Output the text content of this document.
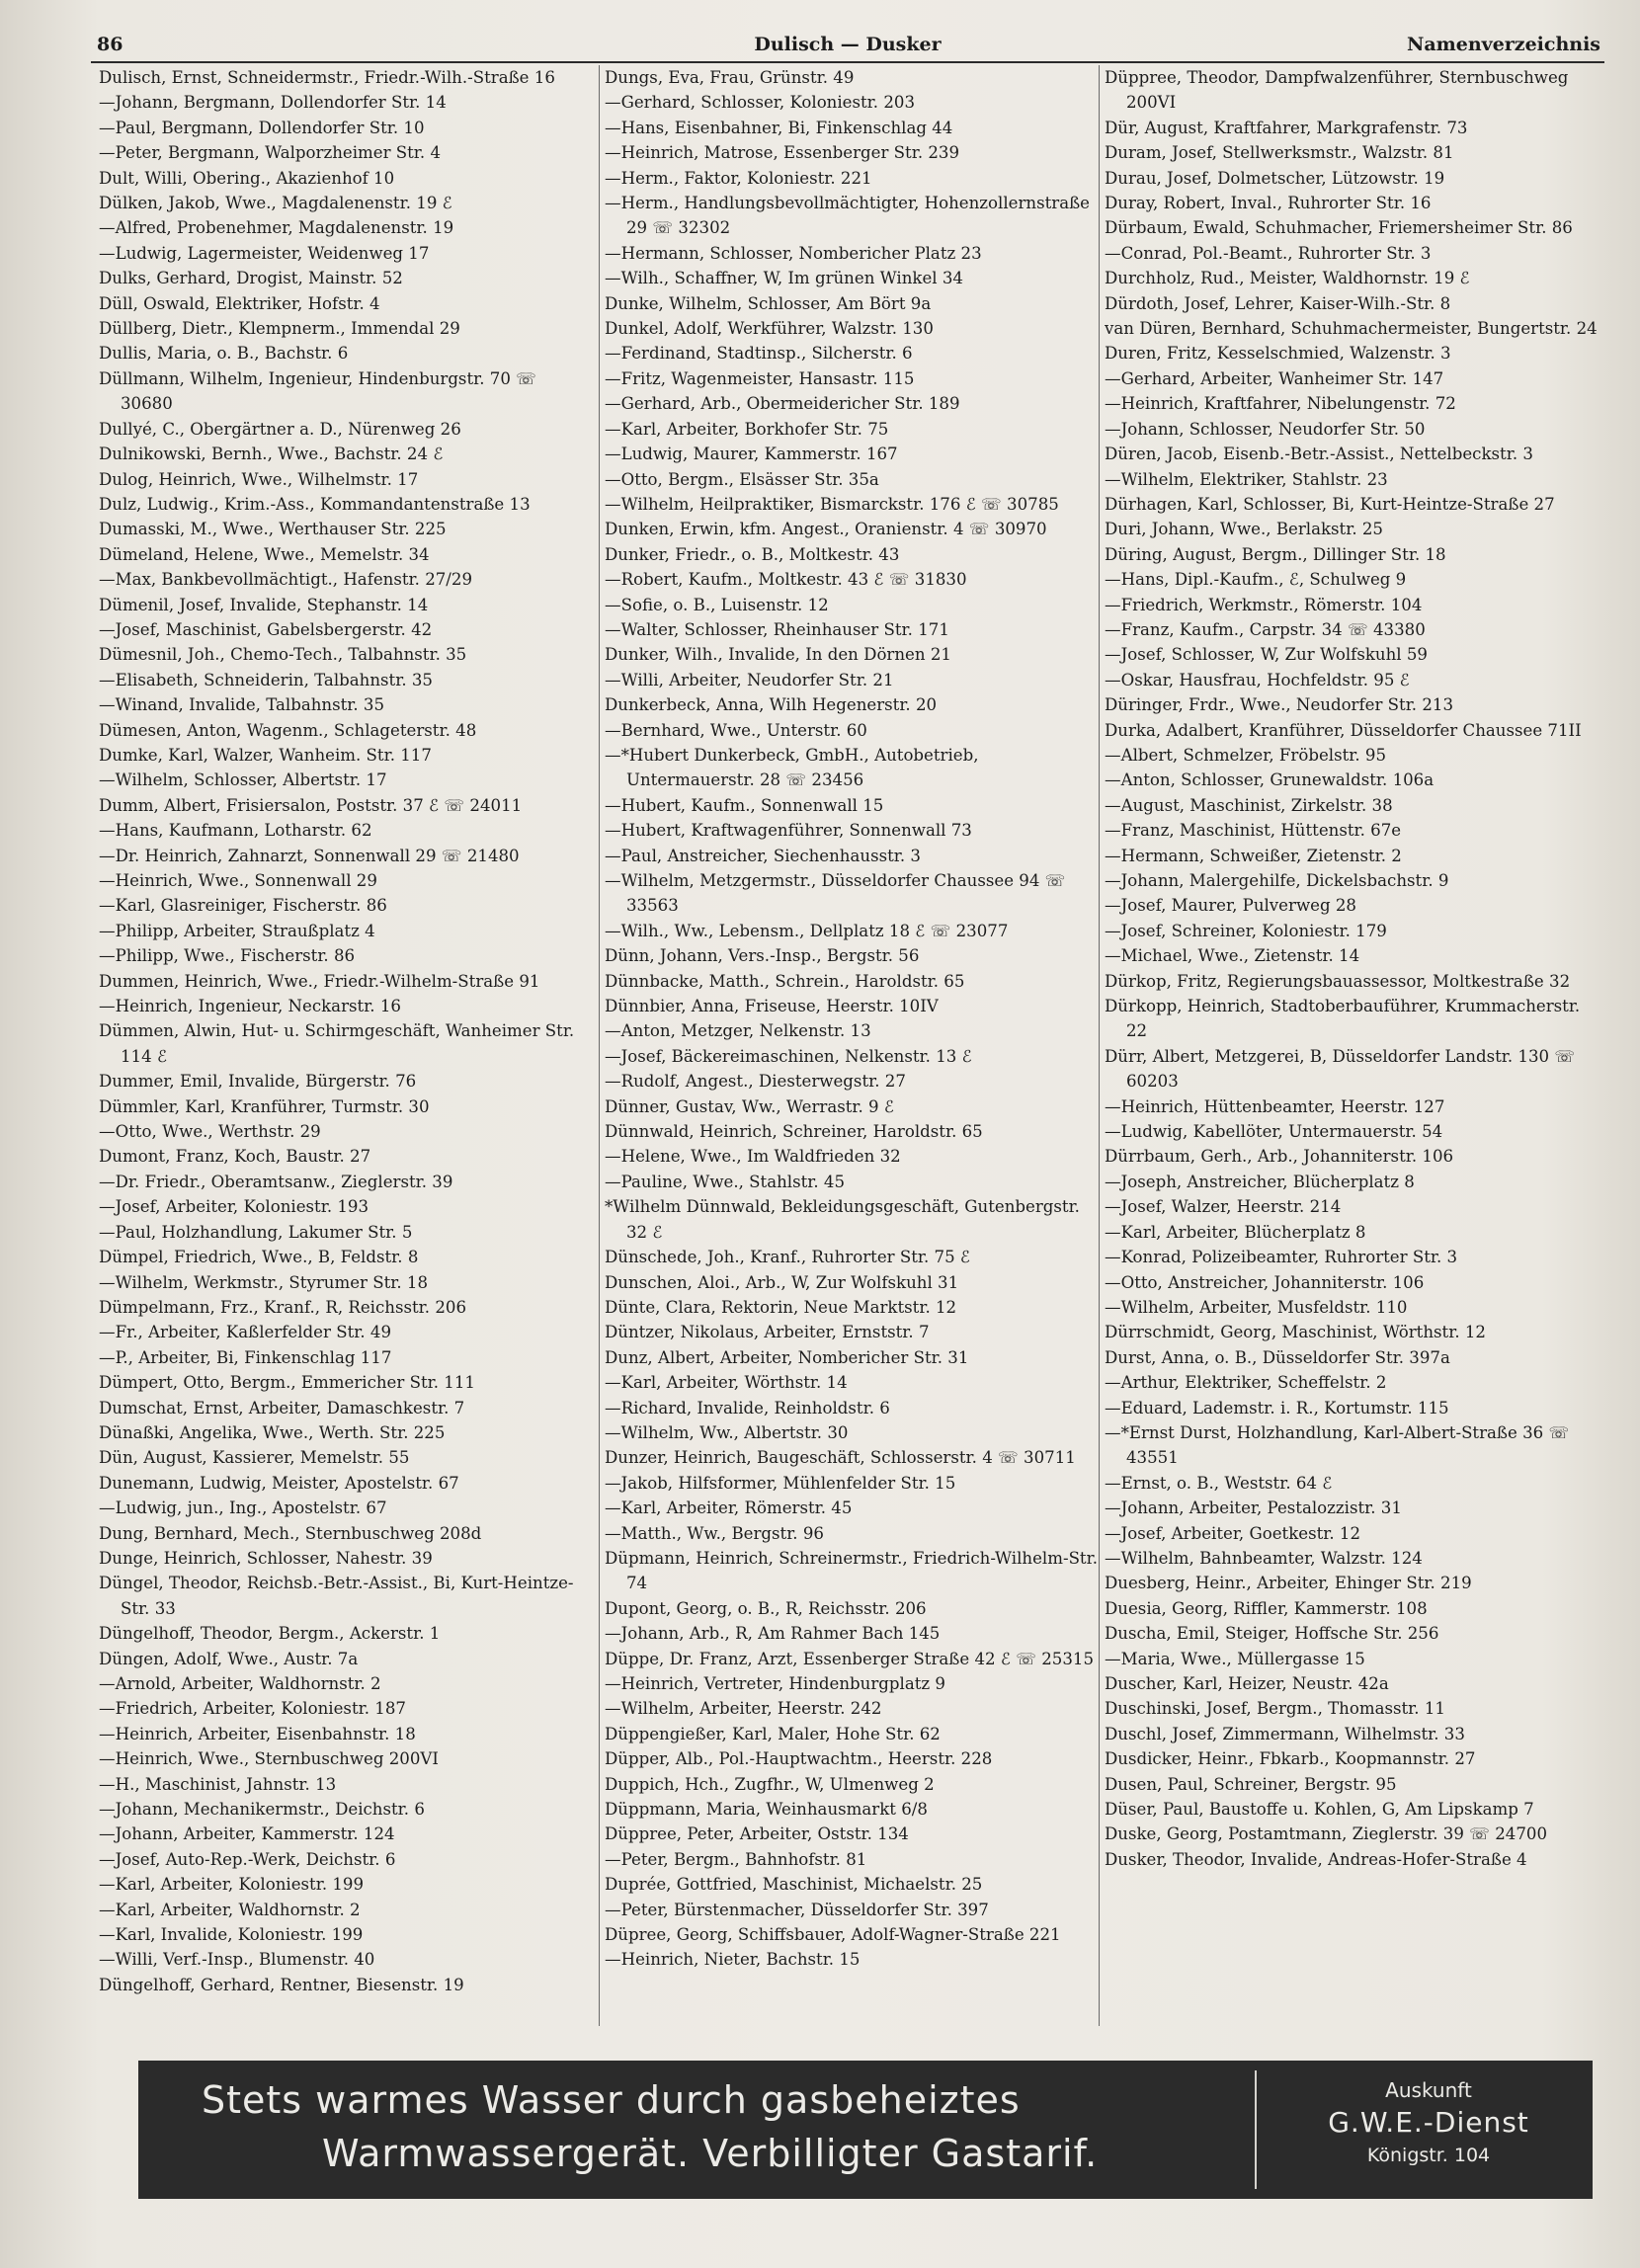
86	Dulisch — Dusker	Namenverzeichnis
Dulisch, Ernst, Schneidermstr., Friedr.-Wilh.-Straße 16
—Johann, Bergmann, Dollendorfer Str. 14
—Paul, Bergmann, Dollendorfer Str. 10
—Peter, Bergmann, Walporzheimer Str. 4
Dult, Willi, Obering., Akazienhof 10
Dülken, Jakob, Wwe., Magdalenenstr. 19 ℰ
—Alfred, Probenehmer, Magdalenenstr. 19
—Ludwig, Lagermeister, Weidenweg 17
Dulks, Gerhard, Drogist, Mainstr. 52
Düll, Oswald, Elektriker, Hofstr. 4
Düllberg, Dietr., Klempnerm., Immendal 29
Dullis, Maria, o. B., Bachstr. 6
Düllmann, Wilhelm, Ingenieur, Hindenburgstr. 70 ☏ 30680
Dullyé, C., Obergärtner a. D., Nürenweg 26
Dulnikowski, Bernh., Wwe., Bachstr. 24 ℰ
Dulog, Heinrich, Wwe., Wilhelmstr. 17
Dulz, Ludwig., Krim.-Ass., Kommandantenstraße 13
Dumasski, M., Wwe., Werthauser Str. 225
Dümeland, Helene, Wwe., Memelstr. 34
—Max, Bankbevollmächtigt., Hafenstr. 27/29
Dümenil, Josef, Invalide, Stephanstr. 14
—Josef, Maschinist, Gabelsbergerstr. 42
Dümesnil, Joh., Chemo-Tech., Talbahnstr. 35
—Elisabeth, Schneiderin, Talbahnstr. 35
—Winand, Invalide, Talbahnstr. 35
Dümesen, Anton, Wagenm., Schlageterstr. 48
Dumke, Karl, Walzer, Wanheim. Str. 117
—Wilhelm, Schlosser, Albertstr. 17
Dumm, Albert, Frisiersalon, Poststr. 37 ℰ ☏ 24011
—Hans, Kaufmann, Lotharstr. 62
—Dr. Heinrich, Zahnarzt, Sonnenwall 29 ☏ 21480
—Heinrich, Wwe., Sonnenwall 29
—Karl, Glasreiniger, Fischerstr. 86
—Philipp, Arbeiter, Straußplatz 4
—Philipp, Wwe., Fischerstr. 86
Dummen, Heinrich, Wwe., Friedr.-Wilhelm-Straße 91
—Heinrich, Ingenieur, Neckarstr. 16
Dümmen, Alwin, Hut- u. Schirmgeschäft, Wanheimer Str. 114 ℰ
Dummer, Emil, Invalide, Bürgerstr. 76
Dümmler, Karl, Kranführer, Turmstr. 30
—Otto, Wwe., Werthstr. 29
Dumont, Franz, Koch, Baustr. 27
—Dr. Friedr., Oberamtsanw., Zieglerstr. 39
—Josef, Arbeiter, Koloniestr. 193
—Paul, Holzhandlung, Lakumer Str. 5
Dümpel, Friedrich, Wwe., B, Feldstr. 8
—Wilhelm, Werkmstr., Styrumer Str. 18
Dümpelmann, Frz., Kranf., R, Reichsstr. 206
—Fr., Arbeiter, Kaßlerfelder Str. 49
—P., Arbeiter, Bi, Finkenschlag 117
Dümpert, Otto, Bergm., Emmericher Str. 111
Dumschat, Ernst, Arbeiter, Damaschkestr. 7
Dünaßki, Angelika, Wwe., Werth. Str. 225
Dün, August, Kassierer, Memelstr. 55
Dunemann, Ludwig, Meister, Apostelstr. 67
—Ludwig, jun., Ing., Apostelstr. 67
Dung, Bernhard, Mech., Sternbuschweg 208d
Dunge, Heinrich, Schlosser, Nahestr. 39
Düngel, Theodor, Reichsb.-Betr.-Assist., Bi, Kurt-Heintze-Str. 33
Düngelhoff, Theodor, Bergm., Ackerstr. 1
Düngen, Adolf, Wwe., Austr. 7a
—Arnold, Arbeiter, Waldhornstr. 2
—Friedrich, Arbeiter, Koloniestr. 187
—Heinrich, Arbeiter, Eisenbahnstr. 18
—Heinrich, Wwe., Sternbuschweg 200VI
—H., Maschinist, Jahnstr. 13
—Johann, Mechanikermstr., Deichstr. 6
—Johann, Arbeiter, Kammerstr. 124
—Josef, Auto-Rep.-Werk, Deichstr. 6
—Karl, Arbeiter, Koloniestr. 199
—Karl, Arbeiter, Waldhornstr. 2
—Karl, Invalide, Koloniestr. 199
—Willi, Verf.-Insp., Blumenstr. 40
Düngelhoff, Gerhard, Rentner, Biesenstr. 19
Dungs, Eva, Frau, Grünstr. 49
—Gerhard, Schlosser, Koloniestr. 203
—Hans, Eisenbahner, Bi, Finkenschlag 44
—Heinrich, Matrose, Essenberger Str. 239
—Herm., Faktor, Koloniestr. 221
—Herm., Handlungsbevollmächtigter, Hohenzollernstraße 29 ☏ 32302
—Hermann, Schlosser, Nombericher Platz 23
—Wilh., Schaffner, W, Im grünen Winkel 34
Dunke, Wilhelm, Schlosser, Am Bört 9a
Dunkel, Adolf, Werkführer, Walzstr. 130
—Ferdinand, Stadtinsp., Silcherstr. 6
—Fritz, Wagenmeister, Hansastr. 115
—Gerhard, Arb., Obermeidericher Str. 189
—Karl, Arbeiter, Borkhofer Str. 75
—Ludwig, Maurer, Kammerstr. 167
—Otto, Bergm., Elsässer Str. 35a
—Wilhelm, Heilpraktiker, Bismarckstr. 176 ℰ ☏ 30785
Dunken, Erwin, kfm. Angest., Oranienstr. 4 ☏ 30970
Dunker, Friedr., o. B., Moltkestr. 43
—Robert, Kaufm., Moltkestr. 43 ℰ ☏ 31830
—Sofie, o. B., Luisenstr. 12
—Walter, Schlosser, Rheinhauser Str. 171
Dunker, Wilh., Invalide, In den Dörnen 21
—Willi, Arbeiter, Neudorfer Str. 21
Dunkerbeck, Anna, Wilh Hegenerstr. 20
—Bernhard, Wwe., Unterstr. 60
—*Hubert Dunkerbeck, GmbH., Autobetrieb, Untermauerstr. 28 ☏ 23456
—Hubert, Kaufm., Sonnenwall 15
—Hubert, Kraftwagenführer, Sonnenwall 73
—Paul, Anstreicher, Siechenhausstr. 3
—Wilhelm, Metzgermstr., Düsseldorfer Chaussee 94 ☏ 33563
—Wilh., Ww., Lebensm., Dellplatz 18 ℰ ☏ 23077
Dünn, Johann, Vers.-Insp., Bergstr. 56
Dünnbacke, Matth., Schrein., Haroldstr. 65
Dünnbier, Anna, Friseuse, Heerstr. 10IV
—Anton, Metzger, Nelkenstr. 13
—Josef, Bäckereimaschinen, Nelkenstr. 13 ℰ
—Rudolf, Angest., Diesterwegstr. 27
Dünner, Gustav, Ww., Werrastr. 9 ℰ
Dünnwald, Heinrich, Schreiner, Haroldstr. 65
—Helene, Wwe., Im Waldfrieden 32
—Pauline, Wwe., Stahlstr. 45
*Wilhelm Dünnwald, Bekleidungsgeschäft, Gutenbergstr. 32 ℰ
Dünschede, Joh., Kranf., Ruhrorter Str. 75 ℰ
Dunschen, Aloi., Arb., W, Zur Wolfskuhl 31
Dünte, Clara, Rektorin, Neue Marktstr. 12
Düntzer, Nikolaus, Arbeiter, Ernststr. 7
Dunz, Albert, Arbeiter, Nombericher Str. 31
—Karl, Arbeiter, Wörthstr. 14
—Richard, Invalide, Reinholdstr. 6
—Wilhelm, Ww., Albertstr. 30
Dunzer, Heinrich, Baugeschäft, Schlosserstr. 4 ☏ 30711
—Jakob, Hilfsformer, Mühlenfelder Str. 15
—Karl, Arbeiter, Römerstr. 45
—Matth., Ww., Bergstr. 96
Düpmann, Heinrich, Schreinermstr., Friedrich-Wilhelm-Str. 74
Dupont, Georg, o. B., R, Reichsstr. 206
—Johann, Arb., R, Am Rahmer Bach 145
Düppe, Dr. Franz, Arzt, Essenberger Straße 42 ℰ ☏ 25315
—Heinrich, Vertreter, Hindenburgplatz 9
—Wilhelm, Arbeiter, Heerstr. 242
Düppengießer, Karl, Maler, Hohe Str. 62
Düpper, Alb., Pol.-Hauptwachtm., Heerstr. 228
Duppich, Hch., Zugfhr., W, Ulmenweg 2
Düppmann, Maria, Weinhausmarkt 6/8
Düppree, Peter, Arbeiter, Oststr. 134
—Peter, Bergm., Bahnhofstr. 81
Duprée, Gottfried, Maschinist, Michaelstr. 25
—Peter, Bürstenmacher, Düsseldorfer Str. 397
Düpree, Georg, Schiffsbauer, Adolf-Wagner-Straße 221
—Heinrich, Nieter, Bachstr. 15
Düppree, Theodor, Dampfwalzenführer, Sternbuschweg 200VI
Dür, August, Kraftfahrer, Markgrafenstr. 73
Duram, Josef, Stellwerksmstr., Walzstr. 81
Durau, Josef, Dolmetscher, Lützowstr. 19
Duray, Robert, Inval., Ruhrorter Str. 16
Dürbaum, Ewald, Schuhmacher, Friemersheimer Str. 86
—Conrad, Pol.-Beamt., Ruhrorter Str. 3
Durchholz, Rud., Meister, Waldhornstr. 19 ℰ
Dürdoth, Josef, Lehrer, Kaiser-Wilh.-Str. 8
van Düren, Bernhard, Schuhmachermeister, Bungertstr. 24
Duren, Fritz, Kesselschmied, Walzenstr. 3
—Gerhard, Arbeiter, Wanheimer Str. 147
—Heinrich, Kraftfahrer, Nibelungenstr. 72
—Johann, Schlosser, Neudorfer Str. 50
Düren, Jacob, Eisenb.-Betr.-Assist., Nettelbeckstr. 3
—Wilhelm, Elektriker, Stahlstr. 23
Dürhagen, Karl, Schlosser, Bi, Kurt-Heintze-Straße 27
Duri, Johann, Wwe., Berlakstr. 25
Düring, August, Bergm., Dillinger Str. 18
—Hans, Dipl.-Kaufm., ℰ, Schulweg 9
—Friedrich, Werkmstr., Römerstr. 104
—Franz, Kaufm., Carpstr. 34 ☏ 43380
—Josef, Schlosser, W, Zur Wolfskuhl 59
—Oskar, Hausfrau, Hochfeldstr. 95 ℰ
Düringer, Frdr., Wwe., Neudorfer Str. 213
Durka, Adalbert, Kranführer, Düsseldorfer Chaussee 71II
—Albert, Schmelzer, Fröbelstr. 95
—Anton, Schlosser, Grunewaldstr. 106a
—August, Maschinist, Zirkelstr. 38
—Franz, Maschinist, Hüttenstr. 67e
—Hermann, Schweißer, Zietenstr. 2
—Johann, Malergehilfe, Dickelsbachstr. 9
—Josef, Maurer, Pulverweg 28
—Josef, Schreiner, Koloniestr. 179
—Michael, Wwe., Zietenstr. 14
Dürkop, Fritz, Regierungsbauassessor, Moltkestraße 32
Dürkopp, Heinrich, Stadtoberbauführer, Krummacherstr. 22
Dürr, Albert, Metzgerei, B, Düsseldorfer Landstr. 130 ☏ 60203
—Heinrich, Hüttenbeamter, Heerstr. 127
—Ludwig, Kabellöter, Untermauerstr. 54
Dürrbaum, Gerh., Arb., Johanniterstr. 106
—Joseph, Anstreicher, Blücherplatz 8
—Josef, Walzer, Heerstr. 214
—Karl, Arbeiter, Blücherplatz 8
—Konrad, Polizeibeamter, Ruhrorter Str. 3
—Otto, Anstreicher, Johanniterstr. 106
—Wilhelm, Arbeiter, Musfeldstr. 110
Dürrschmidt, Georg, Maschinist, Wörthstr. 12
Durst, Anna, o. B., Düsseldorfer Str. 397a
—Arthur, Elektriker, Scheffelstr. 2
—Eduard, Lademstr. i. R., Kortumstr. 115
—*Ernst Durst, Holzhandlung, Karl-Albert-Straße 36 ☏ 43551
—Ernst, o. B., Weststr. 64 ℰ
—Johann, Arbeiter, Pestalozzistr. 31
—Josef, Arbeiter, Goetkestr. 12
—Wilhelm, Bahnbeamter, Walzstr. 124
Duesberg, Heinr., Arbeiter, Ehinger Str. 219
Duesia, Georg, Riffler, Kammerstr. 108
Duscha, Emil, Steiger, Hoffsche Str. 256
—Maria, Wwe., Müllergasse 15
Duscher, Karl, Heizer, Neustr. 42a
Duschinski, Josef, Bergm., Thomasstr. 11
Duschl, Josef, Zimmermann, Wilhelmstr. 33
Dusdicker, Heinr., Fbkarb., Koopmannstr. 27
Dusen, Paul, Schreiner, Bergstr. 95
Düser, Paul, Baustoffe u. Kohlen, G, Am Lipskamp 7
Duske, Georg, Postamtmann, Zieglerstr. 39 ☏ 24700
Dusker, Theodor, Invalide, Andreas-Hofer-Straße 4
Stets warmes Wasser durch gasbeheiztes
Warmwassergerät. Verbilligter Gastarif.
Auskunft
G.W.E.-Dienst
Königstr. 104
